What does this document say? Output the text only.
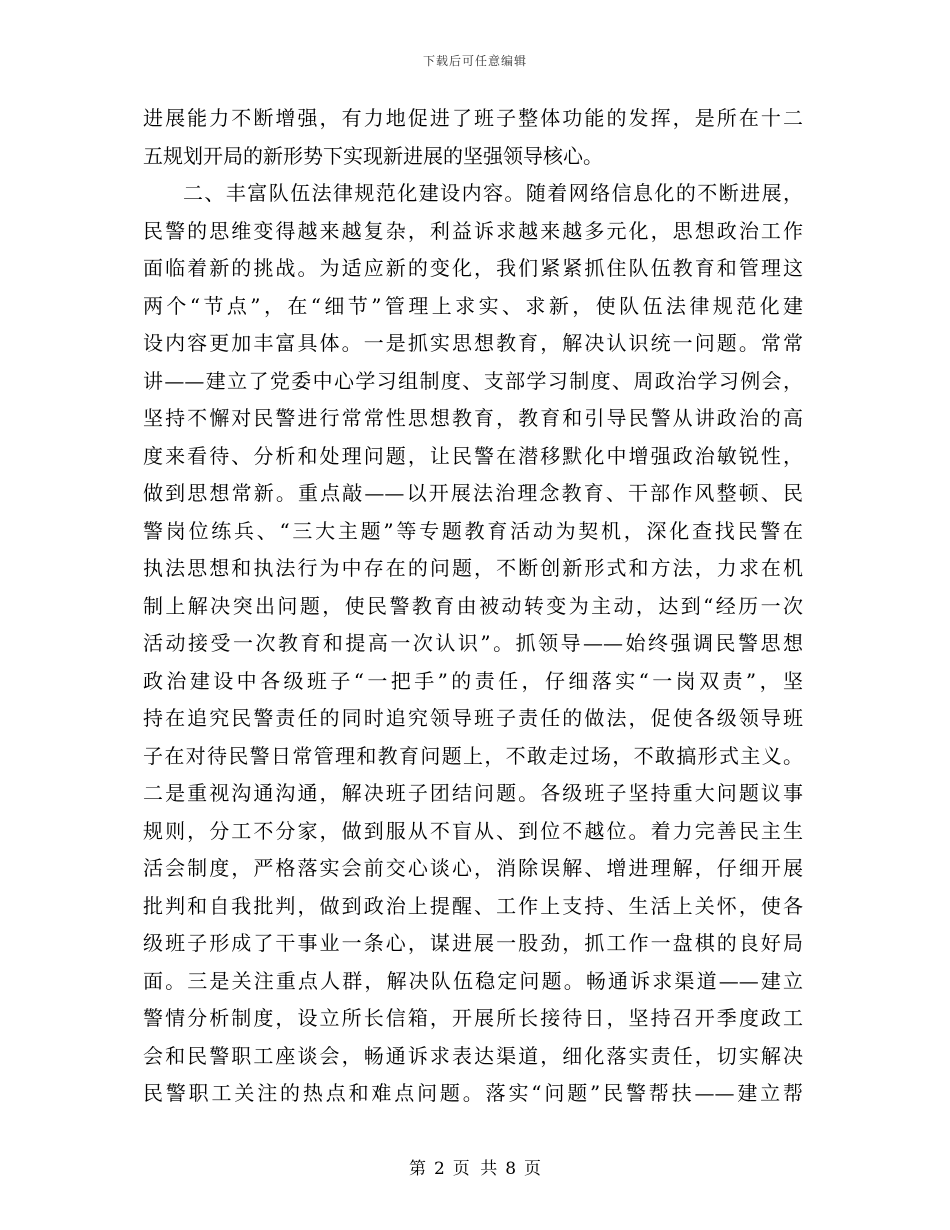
下载后可任意编辑
进展能力不断增强，有力地促进了班子整体功能的发挥，是所在十二
五规划开局的新形势下实现新进展的坚强领导核心。
二、丰富队伍法律规范化建设内容。随着网络信息化的不断进展，
民警的思维变得越来越复杂，利益诉求越来越多元化，思想政治工作
面临着新的挑战。为适应新的变化，我们紧紧抓住队伍教育和管理这
两个“节点”，在“细节”管理上求实、求新，使队伍法律规范化建
设内容更加丰富具体。一是抓实思想教育，解决认识统一问题。常常
讲——建立了党委中心学习组制度、支部学习制度、周政治学习例会，
坚持不懈对民警进行常常性思想教育，教育和引导民警从讲政治的高
度来看待、分析和处理问题，让民警在潜移默化中增强政治敏锐性，
做到思想常新。重点敲——以开展法治理念教育、干部作风整顿、民
警岗位练兵、“三大主题”等专题教育活动为契机，深化查找民警在
执法思想和执法行为中存在的问题，不断创新形式和方法，力求在机
制上解决突出问题，使民警教育由被动转变为主动，达到“经历一次
活动接受一次教育和提高一次认识”。抓领导——始终强调民警思想
政治建设中各级班子“一把手”的责任，仔细落实“一岗双责”，坚
持在追究民警责任的同时追究领导班子责任的做法，促使各级领导班
子在对待民警日常管理和教育问题上，不敢走过场，不敢搞形式主义。
二是重视沟通沟通，解决班子团结问题。各级班子坚持重大问题议事
规则，分工不分家，做到服从不盲从、到位不越位。着力完善民主生
活会制度，严格落实会前交心谈心，消除误解、增进理解，仔细开展
批判和自我批判，做到政治上提醒、工作上支持、生活上关怀，使各
级班子形成了干事业一条心，谋进展一股劲，抓工作一盘棋的良好局
面。三是关注重点人群，解决队伍稳定问题。畅通诉求渠道——建立
警情分析制度，设立所长信箱，开展所长接待日，坚持召开季度政工
会和民警职工座谈会，畅通诉求表达渠道，细化落实责任，切实解决
民警职工关注的热点和难点问题。落实“问题”民警帮扶——建立帮
第 2 页 共 8 页
